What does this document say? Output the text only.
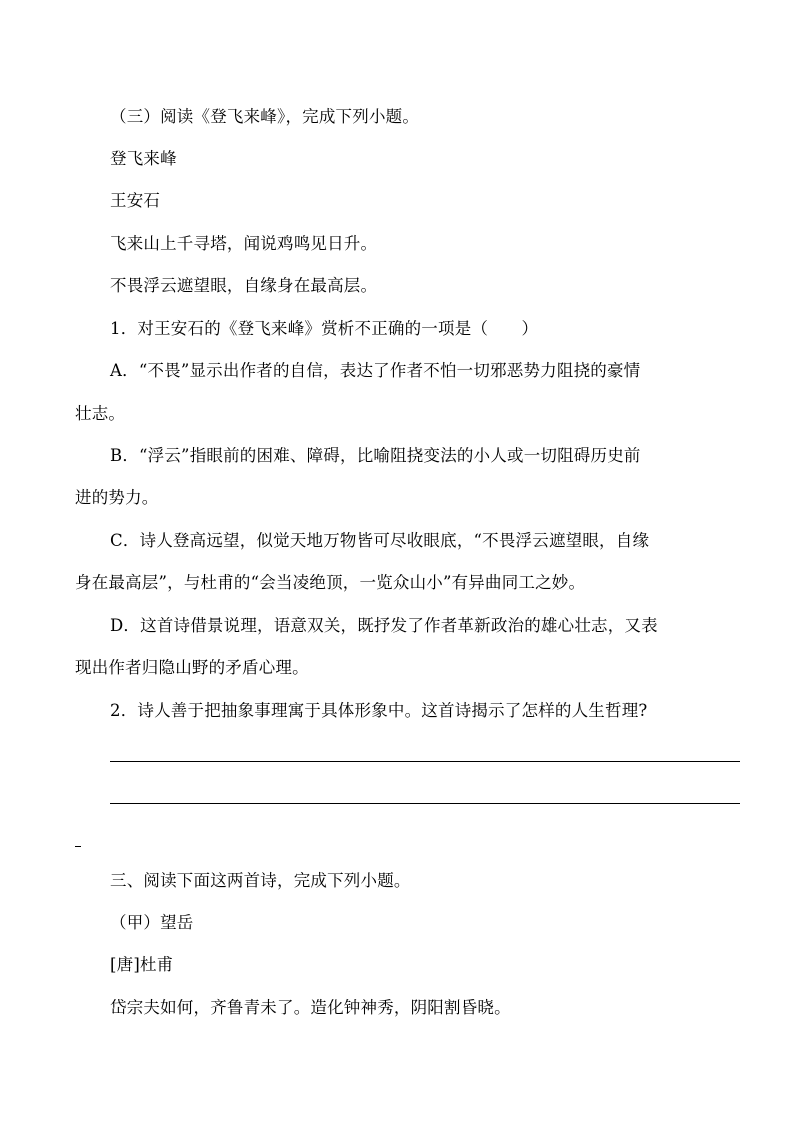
（三）阅读《登飞来峰》，完成下列小题。
登飞来峰
王安石
飞来山上千寻塔，闻说鸡鸣见日升。
不畏浮云遮望眼，自缘身在最高层。
1．对王安石的《登飞来峰》赏析不正确的一项是（　　）
A．“不畏”显示出作者的自信，表达了作者不怕一切邪恶势力阻挠的豪情
壮志。
B．“浮云”指眼前的困难、障碍，比喻阻挠变法的小人或一切阻碍历史前
进的势力。
C．诗人登高远望，似觉天地万物皆可尽收眼底，“不畏浮云遮望眼，自缘
身在最高层”，与杜甫的“会当凌绝顶，一览众山小”有异曲同工之妙。
D．这首诗借景说理，语意双关，既抒发了作者革新政治的雄心壮志，又表
现出作者归隐山野的矛盾心理。
2．诗人善于把抽象事理寓于具体形象中。这首诗揭示了怎样的人生哲理?
三、阅读下面这两首诗，完成下列小题。
（甲）望岳
[唐]杜甫
岱宗夫如何，齐鲁青未了。造化钟神秀，阴阳割昏晓。
